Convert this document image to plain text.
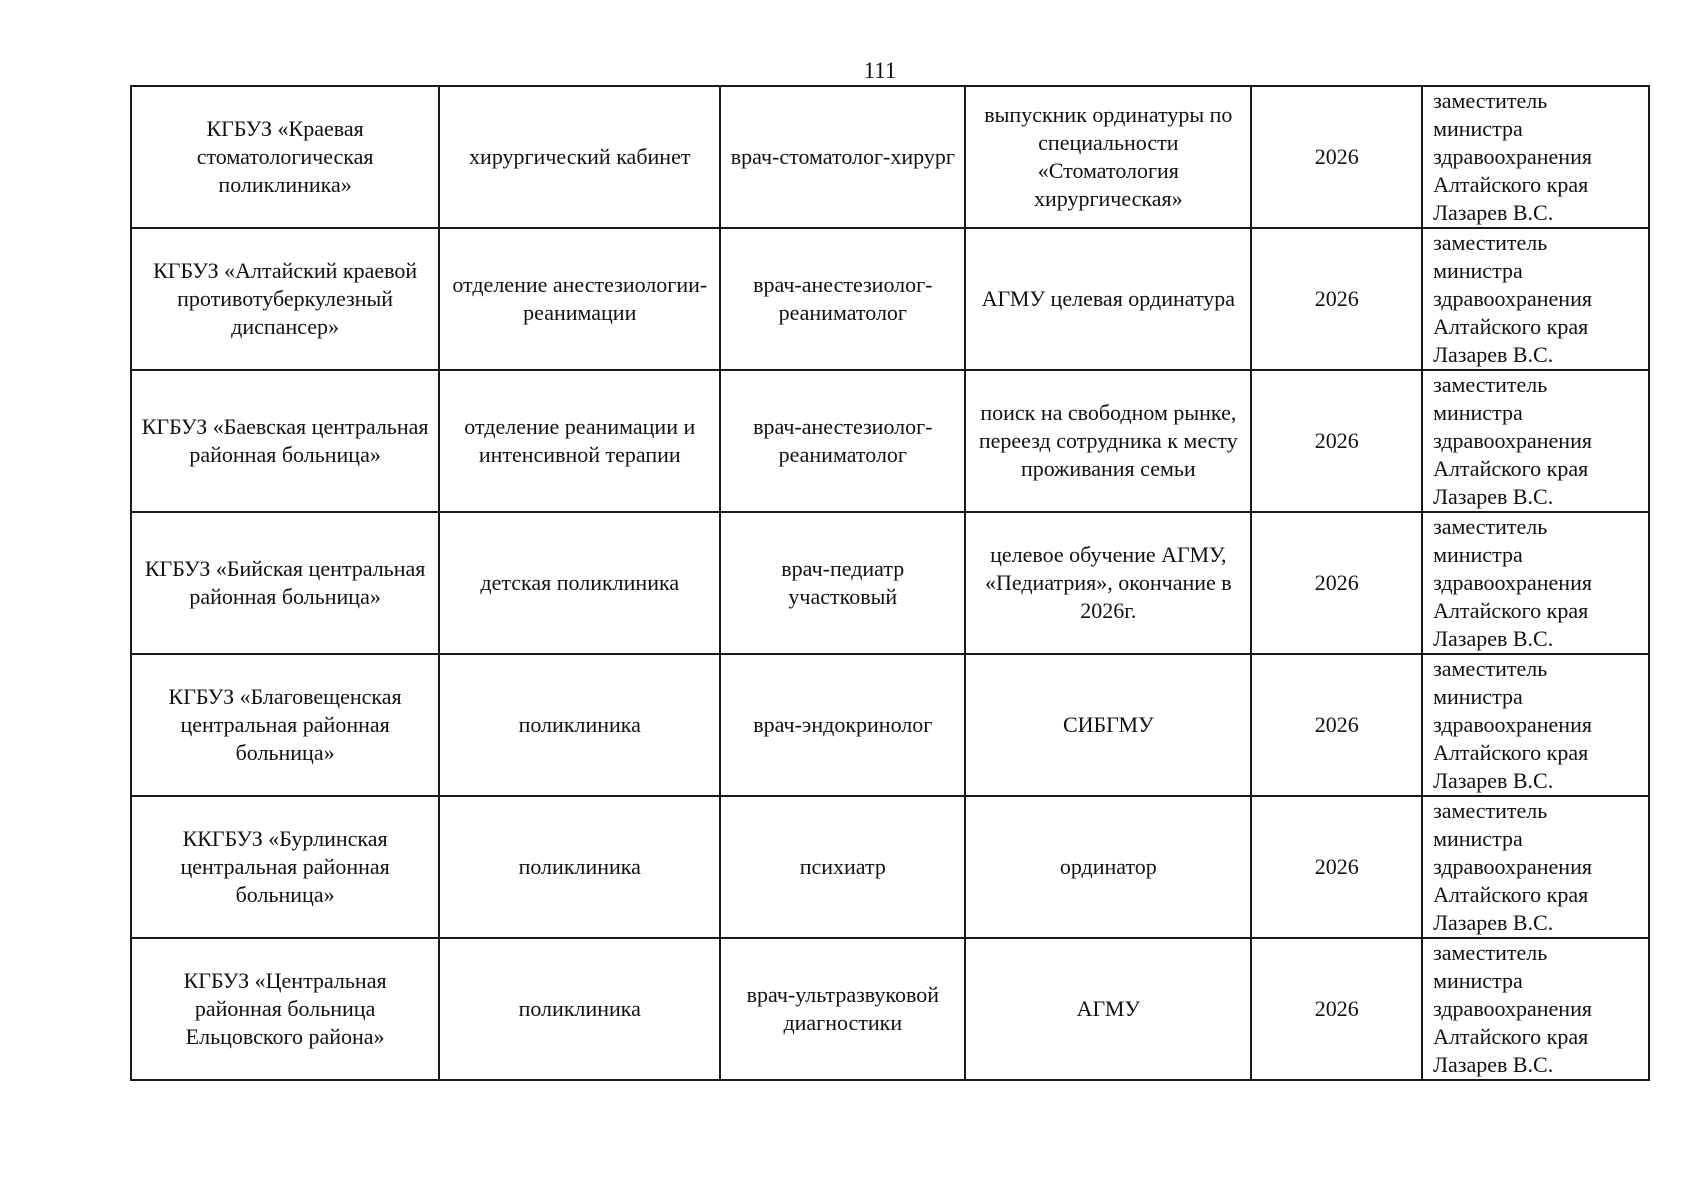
111
КГБУЗ «Краевая стоматологическая поликлиника»	хирургический кабинет	врач-стоматолог-хирург	выпускник ординатуры по специальности «Стоматология хирургическая»	2026	заместитель
министра
здравоохранения
Алтайского края
Лазарев В.С.

КГБУЗ «Алтайский краевой противотуберкулезный диспансер»	отделение анестезиологии-реанимации	врач-анестезиолог-реаниматолог	АГМУ целевая ординатура	2026	заместитель
министра
здравоохранения
Алтайского края
Лазарев В.С.

КГБУЗ «Баевская центральная районная больница»	отделение реанимации и интенсивной терапии	врач-анестезиолог-реаниматолог	поиск на свободном рынке, переезд сотрудника к месту проживания семьи	2026	заместитель
министра
здравоохранения
Алтайского края
Лазарев В.С.

КГБУЗ «Бийская центральная районная больница»	детская поликлиника	врач-педиатр участковый	целевое обучение АГМУ, «Педиатрия», окончание в 2026г.	2026	заместитель
министра
здравоохранения
Алтайского края
Лазарев В.С.

КГБУЗ «Благовещенская центральная районная больница»	поликлиника	врач-эндокринолог	СИБГМУ	2026	заместитель
министра
здравоохранения
Алтайского края
Лазарев В.С.

ККГБУЗ «Бурлинская центральная районная больница»	поликлиника	психиатр	ординатор	2026	заместитель
министра
здравоохранения
Алтайского края
Лазарев В.С.

КГБУЗ «Центральная районная больница Ельцовского района»	поликлиника	врач-ультразвуковой диагностики	АГМУ	2026	заместитель
министра
здравоохранения
Алтайского края
Лазарев В.С.
